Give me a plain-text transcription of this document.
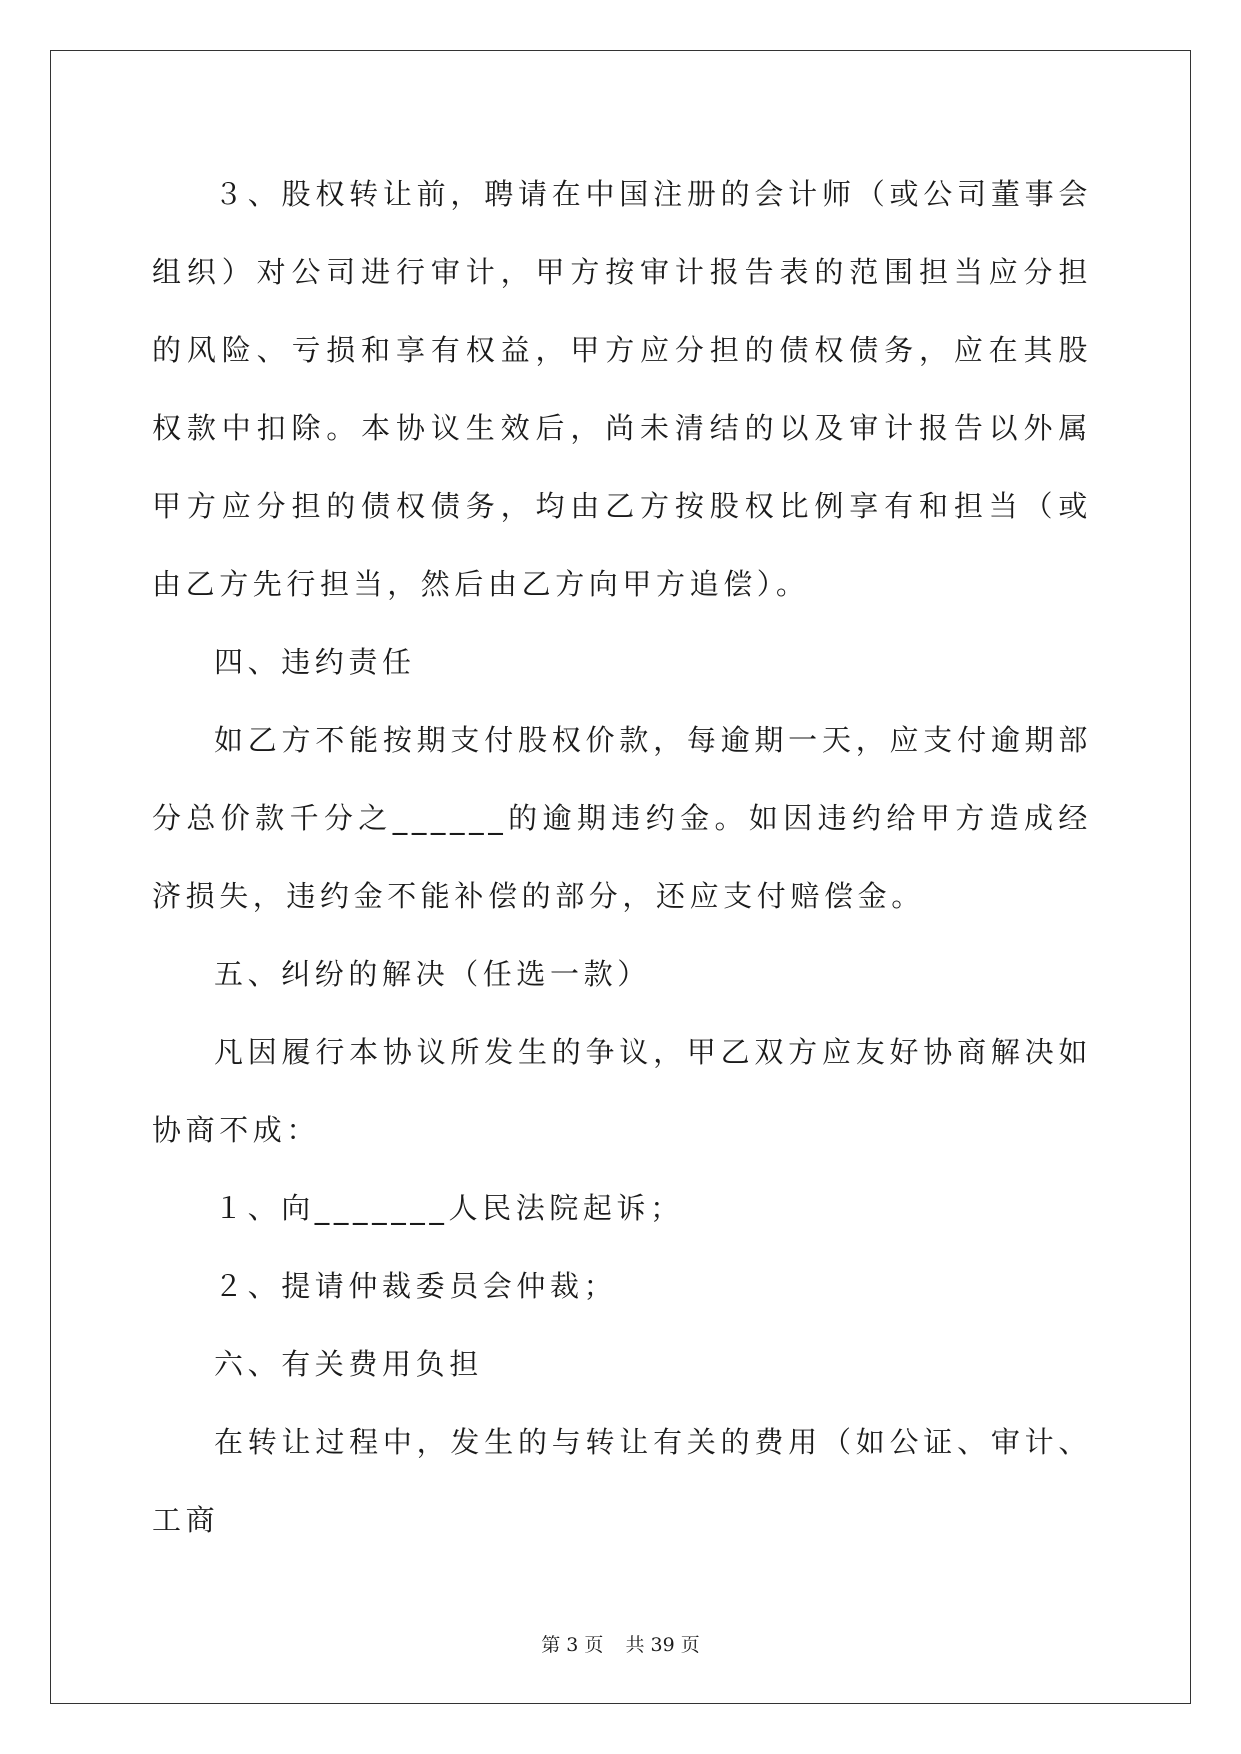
３、股权转让前，聘请在中国注册的会计师（或公司董事会组织）对公司进行审计，甲方按审计报告表的范围担当应分担的风险、亏损和享有权益，甲方应分担的债权债务，应在其股权款中扣除。本协议生效后，尚未清结的以及审计报告以外属甲方应分担的债权债务，均由乙方按股权比例享有和担当（或由乙方先行担当，然后由乙方向甲方追偿）。

四、违约责任

如乙方不能按期支付股权价款，每逾期一天，应支付逾期部分总价款千分之______的逾期违约金。如因违约给甲方造成经济损失，违约金不能补偿的部分，还应支付赔偿金。

五、纠纷的解决（任选一款）

凡因履行本协议所发生的争议，甲乙双方应友好协商解决如协商不成：

１、向_______人民法院起诉；

２、提请仲裁委员会仲裁；

六、有关费用负担

在转让过程中，发生的与转让有关的费用（如公证、审计、工商

第 3 页 共 39 页
